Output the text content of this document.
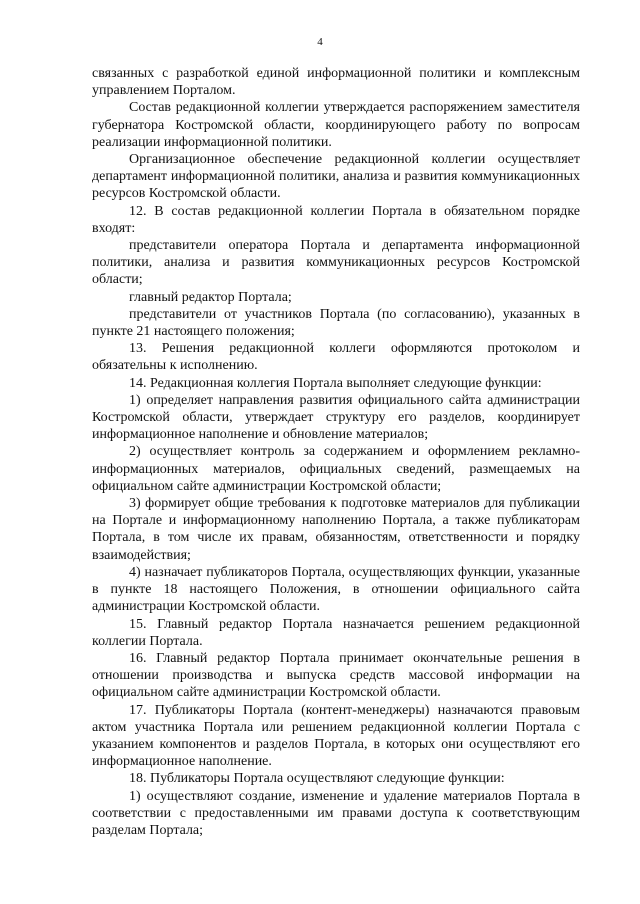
4

связанных с разработкой единой информационной политики и комплексным управлением Порталом.

Состав редакционной коллегии утверждается распоряжением заместителя губернатора Костромской области, координирующего работу по вопросам реализации информационной политики.

Организационное обеспечение редакционной коллегии осуществляет департамент информационной политики, анализа и развития коммуникационных ресурсов Костромской области.

12. В состав редакционной коллегии Портала в обязательном порядке входят:

представители оператора Портала и департамента информационной политики, анализа и развития коммуникационных ресурсов Костромской области;

главный редактор Портала;

представители от участников Портала (по согласованию), указанных в пункте 21 настоящего положения;

13. Решения редакционной коллеги оформляются протоколом и обязательны к исполнению.

14. Редакционная коллегия Портала выполняет следующие функции:

1) определяет направления развития официального сайта администрации Костромской области, утверждает структуру его разделов, координирует информационное наполнение и обновление материалов;

2) осуществляет контроль за содержанием и оформлением рекламно-информационных материалов, официальных сведений, размещаемых на официальном сайте администрации Костромской области;

3) формирует общие требования к подготовке материалов для публикации на Портале и информационному наполнению Портала, а также публикаторам Портала, в том числе их правам, обязанностям, ответственности и порядку взаимодействия;

4) назначает публикаторов Портала, осуществляющих функции, указанные в пункте 18 настоящего Положения, в отношении официального сайта администрации Костромской области.

15. Главный редактор Портала назначается решением редакционной коллегии Портала.

16. Главный редактор Портала принимает окончательные решения в отношении производства и выпуска средств массовой информации на официальном сайте администрации Костромской области.

17. Публикаторы Портала (контент-менеджеры) назначаются правовым актом участника Портала или решением редакционной коллегии Портала с указанием компонентов и разделов Портала, в которых они осуществляют его информационное наполнение.

18. Публикаторы Портала осуществляют следующие функции:

1) осуществляют создание, изменение и удаление материалов Портала в соответствии с предоставленными им правами доступа к соответствующим разделам Портала;
